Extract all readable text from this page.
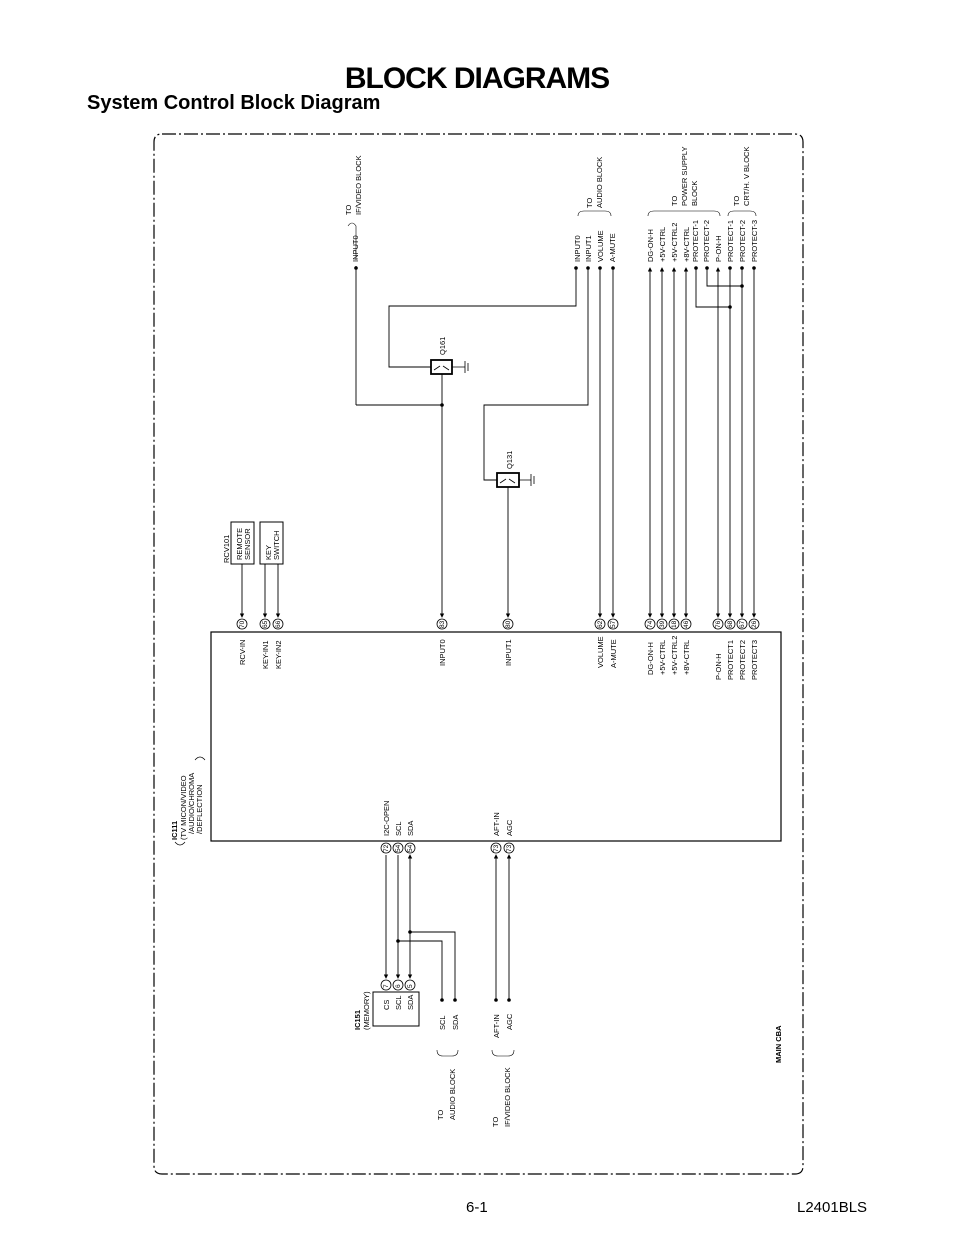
BLOCK DIAGRAMS
System Control Block Diagram
MAIN CBA
IC111 (TV MICON/VIDEO /AUDIO/CHROMA /DEFLECTION
70
RCV-IN
65
KEY-IN1
66
KEY-IN2
83
INPUT0
80
INPUT1
62
VOLUME
57
A-MUTE
74
DG-ON-H
39
+5V-CTRL
18
+5V-CTRL2
46
+8V-CTRL
76
P-ON-H
68
PROTECT1
67
PROTECT2
26
PROTECT3
72
I2C-OPEN
54
SCL
54
SDA
73
AFT-IN
73
AGC
RCV101 REMOTE SENSOR KEY SWITCH
TO IF/VIDEO BLOCK
INPUT0
TO AUDIO BLOCK
INPUT0 INPUT1 VOLUME A-MUTE
TO POWER SUPPLY BLOCK
DG-ON-H +5V-CTRL +5V-CTRL2 +8V-CTRL PROTECT-1 PROTECT-2 P-ON-H
TO CRT/H. V BLOCK
PROTECT-1 PROTECT-2 PROTECT-3
Q161
Q131
IC151 (MEMORY)
7
CS
6
SCL
5
SDA
SCL SDA
TO AUDIO BLOCK
AFT-IN AGC
TO IF/VIDEO BLOCK
6-1	L2401BLS
